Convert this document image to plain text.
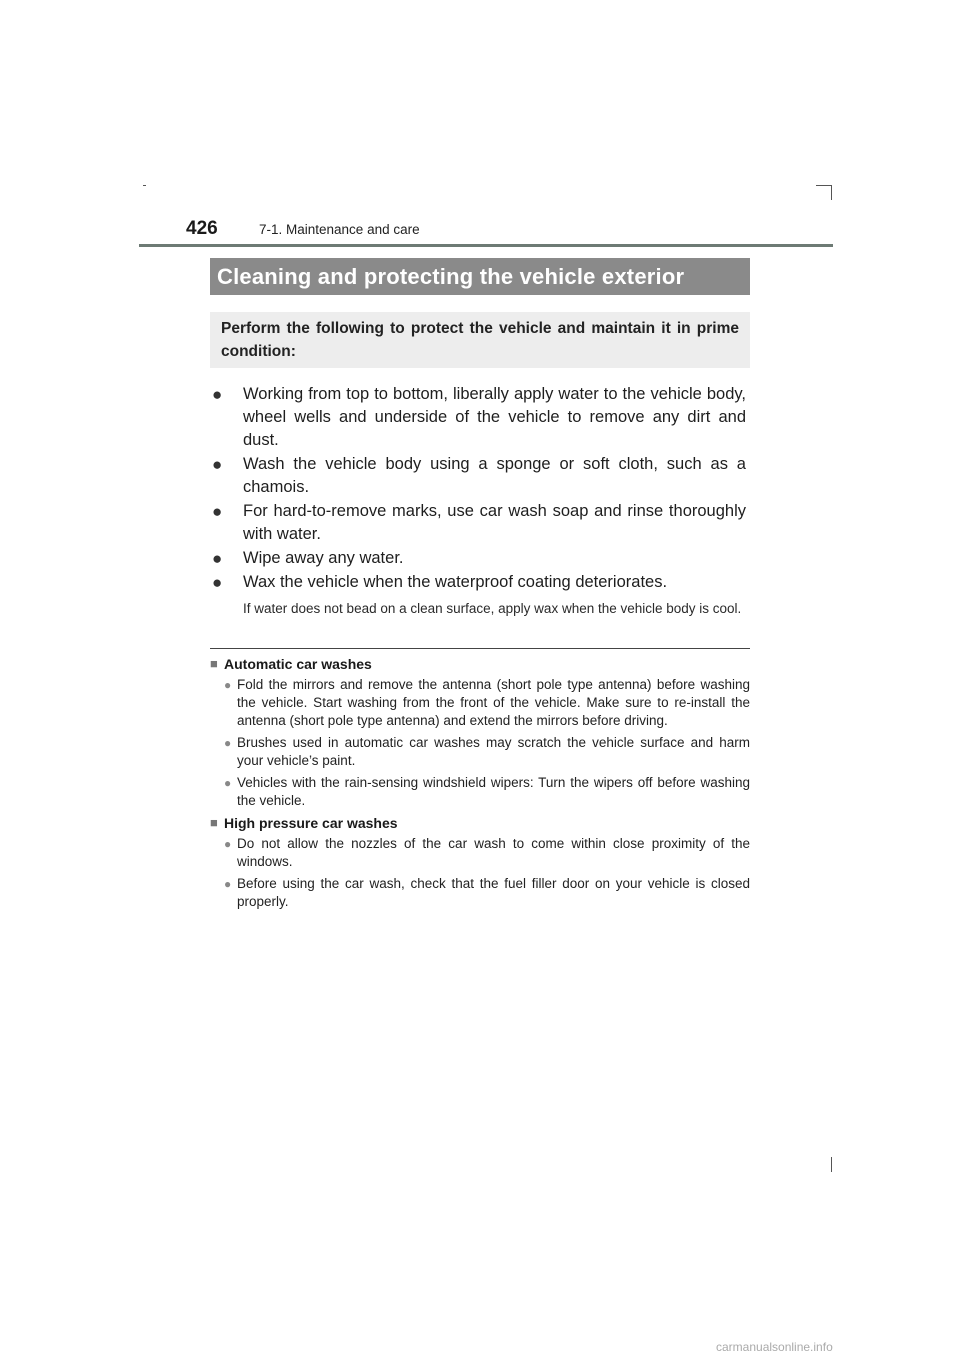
426	7-1. Maintenance and care
Cleaning and protecting the vehicle exterior
Perform the following to protect the vehicle and maintain it in prime condition:
● Working from top to bottom, liberally apply water to the vehicle body, wheel wells and underside of the vehicle to remove any dirt and dust.
● Wash the vehicle body using a sponge or soft cloth, such as a chamois.
● For hard-to-remove marks, use car wash soap and rinse thoroughly with water.
● Wipe away any water.
● Wax the vehicle when the waterproof coating deteriorates.
If water does not bead on a clean surface, apply wax when the vehicle body is cool.
■ Automatic car washes
● Fold the mirrors and remove the antenna (short pole type antenna) before washing the vehicle. Start washing from the front of the vehicle. Make sure to re-install the antenna (short pole type antenna) and extend the mirrors before driving.
● Brushes used in automatic car washes may scratch the vehicle surface and harm your vehicle’s paint.
● Vehicles with the rain-sensing windshield wipers: Turn the wipers off before washing the vehicle.
■ High pressure car washes
● Do not allow the nozzles of the car wash to come within close proximity of the windows.
● Before using the car wash, check that the fuel filler door on your vehicle is closed properly.
carmanualsonline.info
